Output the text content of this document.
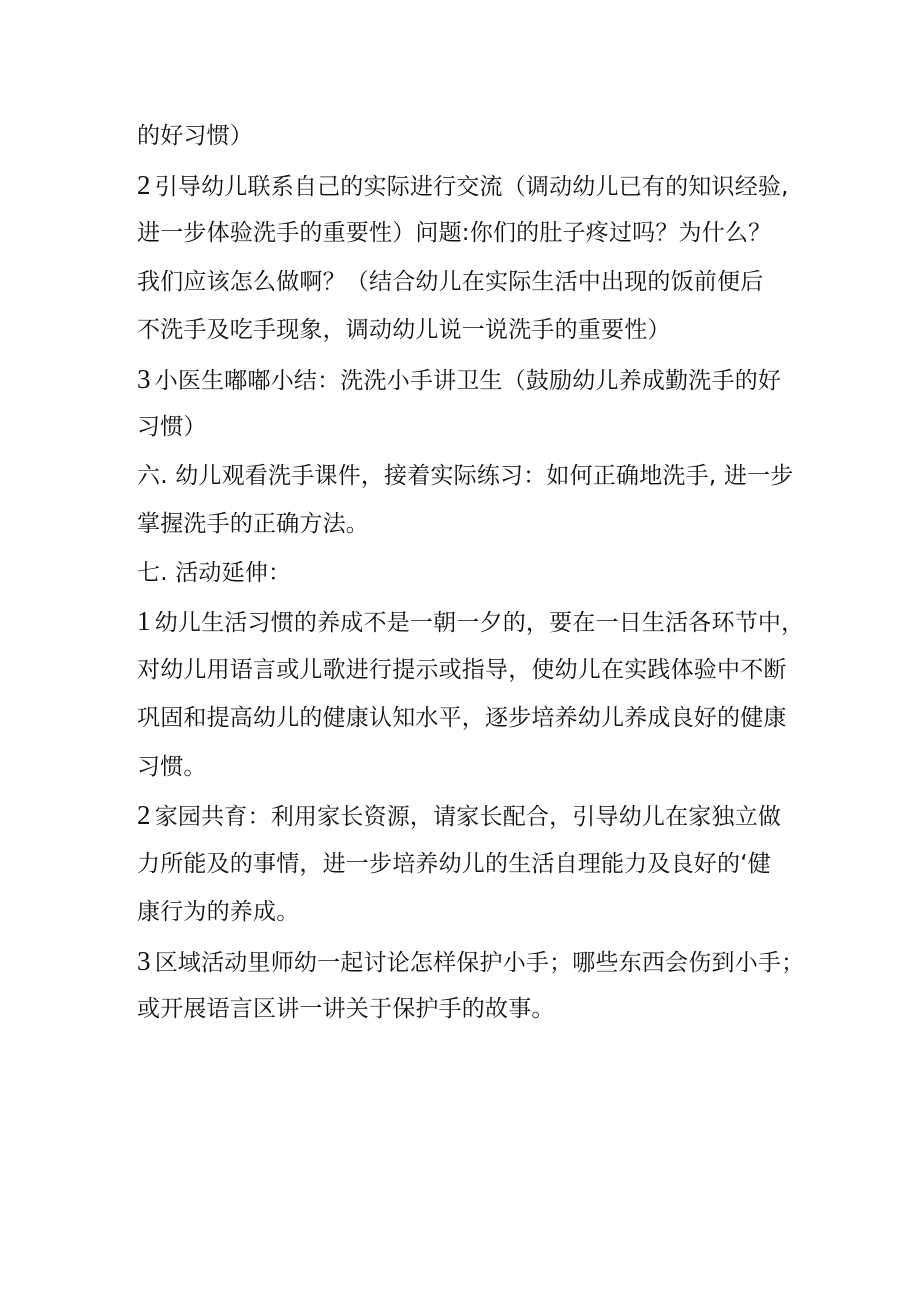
的好习惯）
2 引导幼儿联系自己的实际进行交流（调动幼儿已有的知识经验,
进一步体验洗手的重要性）问题:你们的肚子疼过吗？为什么？
我们应该怎么做啊？（结合幼儿在实际生活中出现的饭前便后
不洗手及吃手现象，调动幼儿说一说洗手的重要性）
3 小医生嘟嘟小结：洗洗小手讲卫生（鼓励幼儿养成勤洗手的好
习惯）
六. 幼儿观看洗手课件，接着实际练习：如何正确地洗手, 进一步
掌握洗手的正确方法。
七. 活动延伸：
1 幼儿生活习惯的养成不是一朝一夕的，要在一日生活各环节中，
对幼儿用语言或儿歌进行提示或指导，使幼儿在实践体验中不断
巩固和提高幼儿的健康认知水平，逐步培养幼儿养成良好的健康
习惯。
2 家园共育：利用家长资源，请家长配合，引导幼儿在家独立做
力所能及的事情，进一步培养幼儿的生活自理能力及良好的‘健
康行为的养成。
3 区域活动里师幼一起讨论怎样保护小手；哪些东西会伤到小手；
或开展语言区讲一讲关于保护手的故事。
